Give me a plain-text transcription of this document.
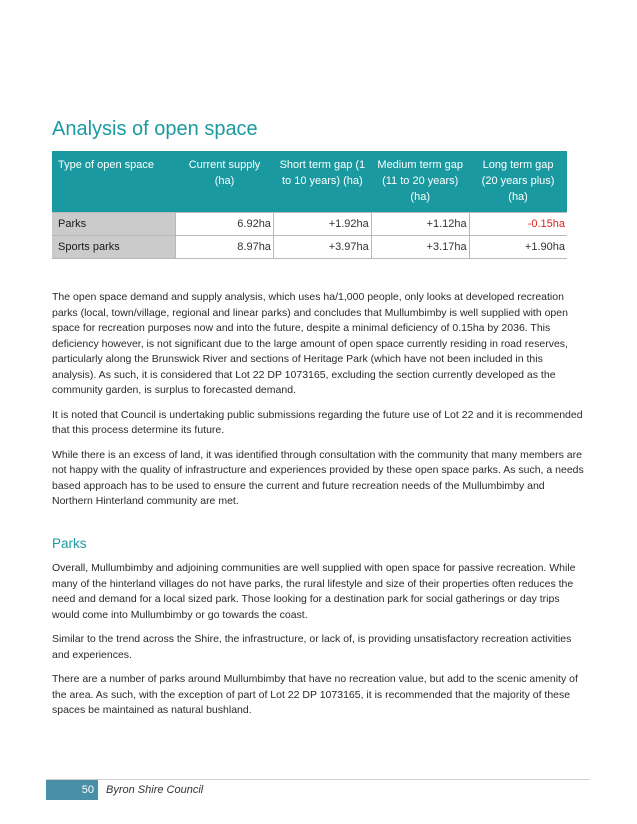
Analysis of open space
Type of open space	Current supply (ha)	Short term gap (1 to 10 years) (ha)	Medium term gap (11 to 20 years) (ha)	Long term gap (20 years plus) (ha)
Parks	6.92ha	+1.92ha	+1.12ha	-0.15ha
Sports parks	8.97ha	+3.97ha	+3.17ha	+1.90ha

The open space demand and supply analysis, which uses ha/1,000 people, only looks at developed recreation parks (local, town/village, regional and linear parks) and concludes that Mullumbimby is well supplied with open space for recreation purposes now and into the future, despite a minimal deficiency of 0.15ha by 2036. This deficiency however, is not significant due to the large amount of open space currently residing in road reserves, particularly along the Brunswick River and sections of Heritage Park (which have not been included in this analysis). As such, it is considered that Lot 22 DP 1073165, excluding the section currently developed as the community garden, is surplus to forecasted demand.

It is noted that Council is undertaking public submissions regarding the future use of Lot 22 and it is recommended that this process determine its future.

While there is an excess of land, it was identified through consultation with the community that many members are not happy with the quality of infrastructure and experiences provided by these open space parks. As such, a needs based approach has to be used to ensure the current and future recreation needs of the Mullumbimby and Northern Hinterland community are met.

Parks

Overall, Mullumbimby and adjoining communities are well supplied with open space for passive recreation. While many of the hinterland villages do not have parks, the rural lifestyle and size of their properties often reduces the need and demand for a local sized park. Those looking for a destination park for social gatherings or day trips would come into Mullumbimby or go towards the coast.

Similar to the trend across the Shire, the infrastructure, or lack of, is providing unsatisfactory recreation activities and experiences.

There are a number of parks around Mullumbimby that have no recreation value, but add to the scenic amenity of the area. As such, with the exception of part of Lot 22 DP 1073165, it is recommended that the majority of these spaces be maintained as natural bushland.

50	Byron Shire Council
